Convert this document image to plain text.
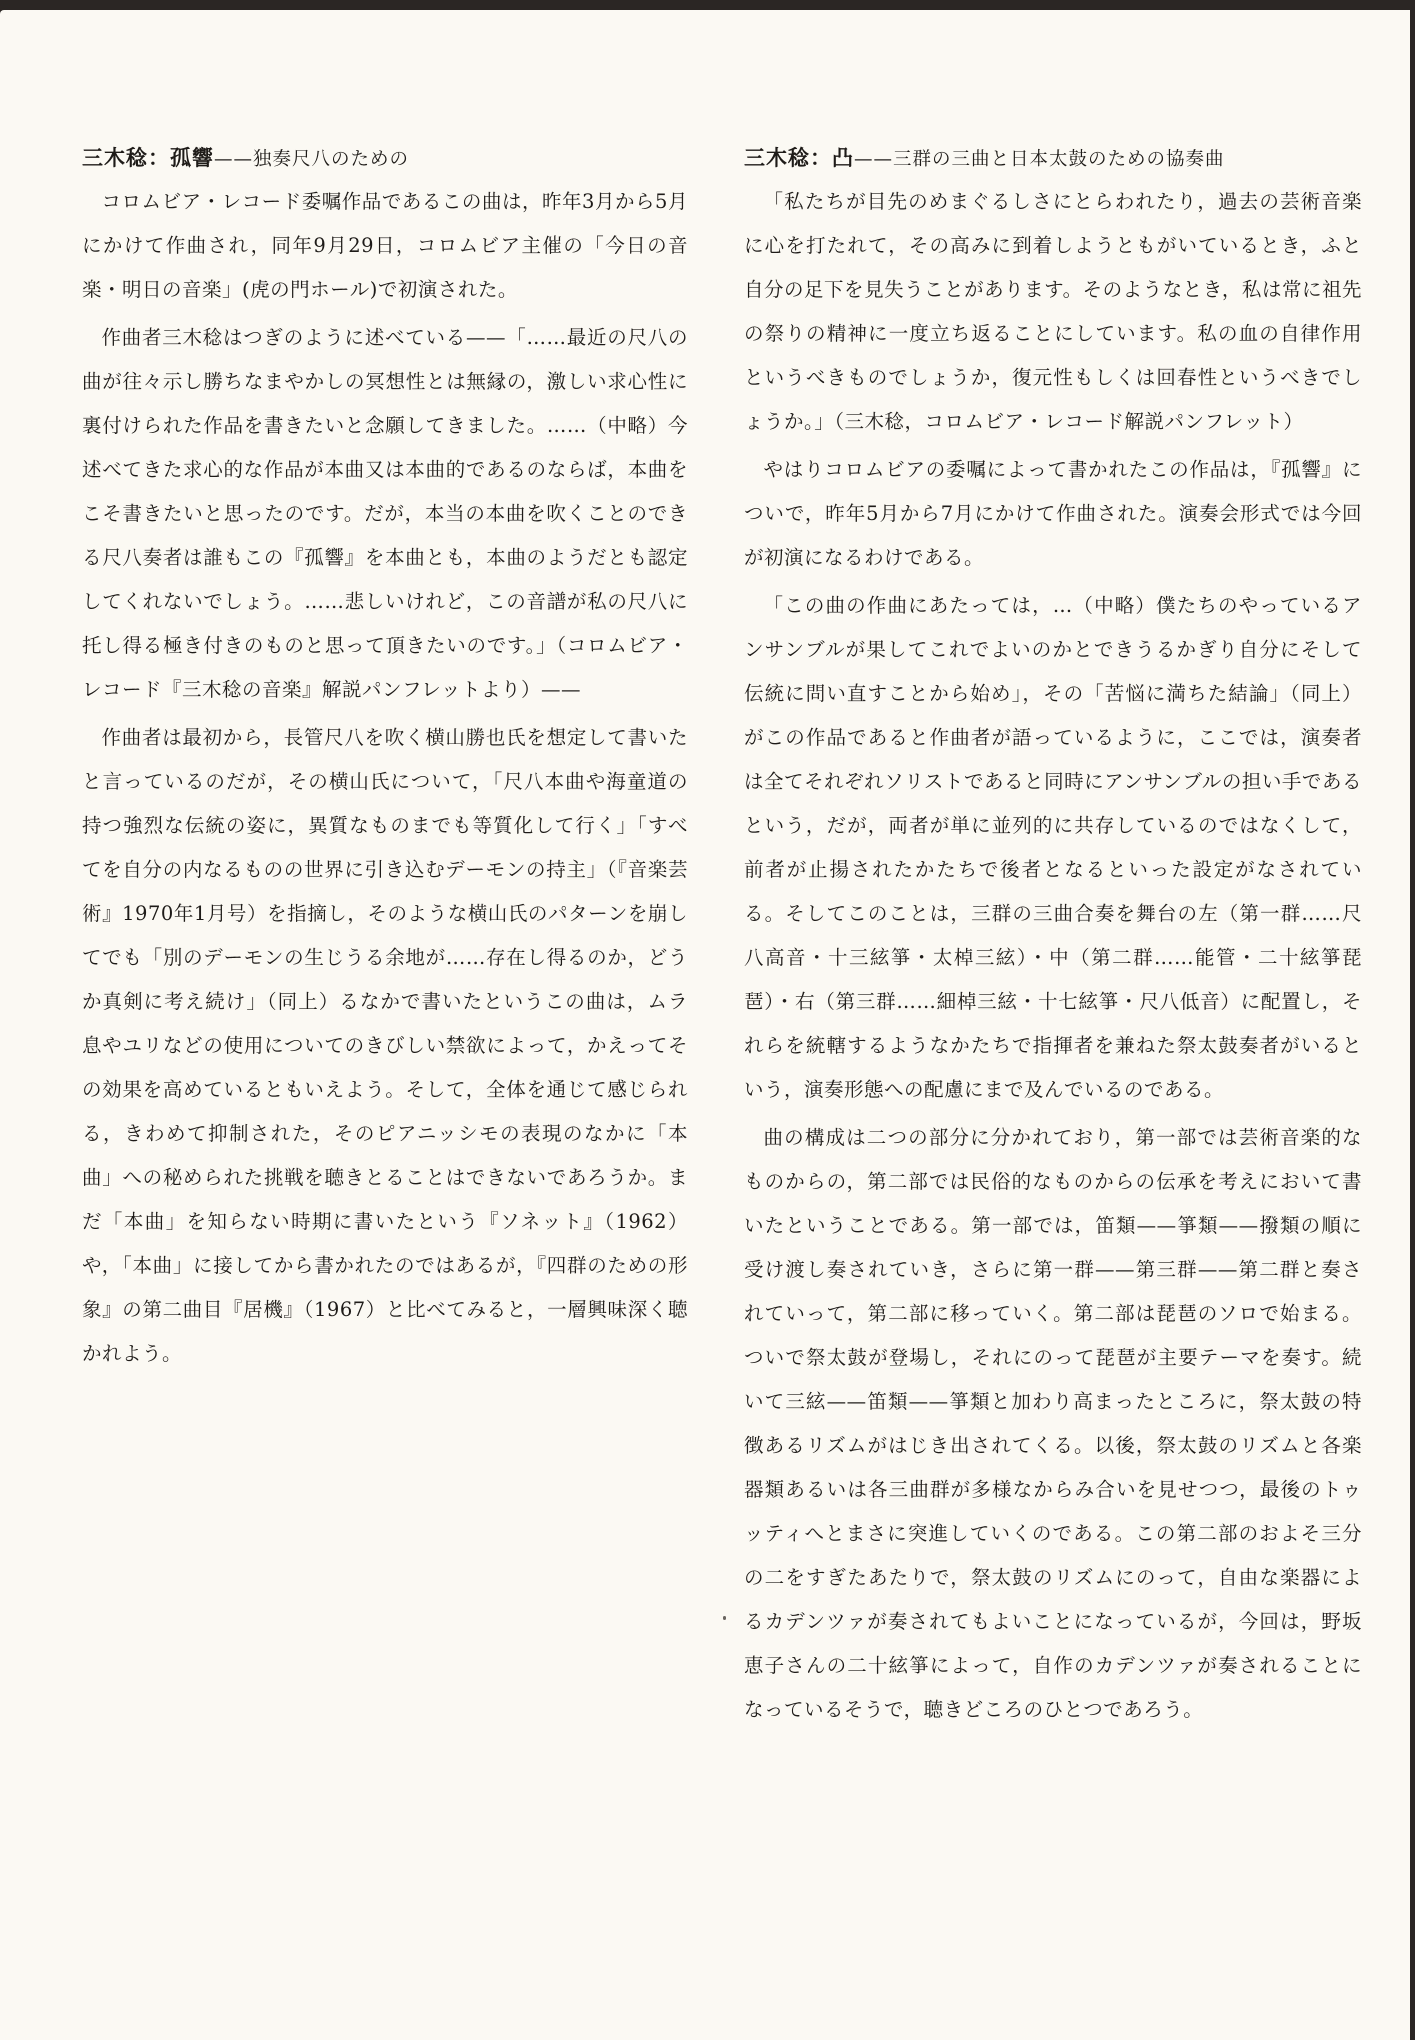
三木稔：孤響——独奏尺八のための

コロムビア・レコード委嘱作品であるこの曲は，昨年3月から5月にかけて作曲され，同年9月29日，コロムビア主催の「今日の音楽・明日の音楽」(虎の門ホール)で初演された。

作曲者三木稔はつぎのように述べている——「……最近の尺八の曲が往々示し勝ちなまやかしの冥想性とは無縁の，激しい求心性に裏付けられた作品を書きたいと念願してきました。……（中略）今述べてきた求心的な作品が本曲又は本曲的であるのならば，本曲をこそ書きたいと思ったのです。だが，本当の本曲を吹くことのできる尺八奏者は誰もこの『孤響』を本曲とも，本曲のようだとも認定してくれないでしょう。……悲しいけれど，この音譜が私の尺八に托し得る極き付きのものと思って頂きたいのです。」（コロムビア・レコード『三木稔の音楽』解説パンフレットより）——

作曲者は最初から，長管尺八を吹く横山勝也氏を想定して書いたと言っているのだが，その横山氏について，「尺八本曲や海童道の持つ強烈な伝統の姿に，異質なものまでも等質化して行く」「すべてを自分の内なるものの世界に引き込むデーモンの持主」（『音楽芸術』1970年1月号）を指摘し，そのような横山氏のパターンを崩してでも「別のデーモンの生じうる余地が……存在し得るのか，どうか真剣に考え続け」（同上）るなかで書いたというこの曲は，ムラ息やユリなどの使用についてのきびしい禁欲によって，かえってその効果を高めているともいえよう。そして，全体を通じて感じられる，きわめて抑制された，そのピアニッシモの表現のなかに「本曲」への秘められた挑戦を聴きとることはできないであろうか。まだ「本曲」を知らない時期に書いたという『ソネット』（1962）や，「本曲」に接してから書かれたのではあるが，『四群のための形象』の第二曲目『居機』（1967）と比べてみると，一層興味深く聴かれよう。

三木稔：凸——三群の三曲と日本太鼓のための協奏曲

「私たちが目先のめまぐるしさにとらわれたり，過去の芸術音楽に心を打たれて，その高みに到着しようともがいているとき，ふと自分の足下を見失うことがあります。そのようなとき，私は常に祖先の祭りの精神に一度立ち返ることにしています。私の血の自律作用というべきものでしょうか，復元性もしくは回春性というべきでしょうか。」（三木稔，コロムビア・レコード解説パンフレット）

やはりコロムビアの委嘱によって書かれたこの作品は，『孤響』についで，昨年5月から7月にかけて作曲された。演奏会形式では今回が初演になるわけである。

「この曲の作曲にあたっては，…（中略）僕たちのやっているアンサンブルが果してこれでよいのかとできうるかぎり自分にそして伝統に問い直すことから始め」，その「苦悩に満ちた結論」（同上）がこの作品であると作曲者が語っているように，ここでは，演奏者は全てそれぞれソリストであると同時にアンサンブルの担い手であるという，だが，両者が単に並列的に共存しているのではなくして，前者が止揚されたかたちで後者となるといった設定がなされている。そしてこのことは，三群の三曲合奏を舞台の左（第一群……尺八高音・十三絃箏・太棹三絃）・中（第二群……能管・二十絃箏琵琶）・右（第三群……細棹三絃・十七絃箏・尺八低音）に配置し，それらを統轄するようなかたちで指揮者を兼ねた祭太鼓奏者がいるという，演奏形態への配慮にまで及んでいるのである。

曲の構成は二つの部分に分かれており，第一部では芸術音楽的なものからの，第二部では民俗的なものからの伝承を考えにおいて書いたということである。第一部では，笛類——箏類——撥類の順に受け渡し奏されていき，さらに第一群——第三群——第二群と奏されていって，第二部に移っていく。第二部は琵琶のソロで始まる。ついで祭太鼓が登場し，それにのって琵琶が主要テーマを奏す。続いて三絃——笛類——箏類と加わり高まったところに，祭太鼓の特徴あるリズムがはじき出されてくる。以後，祭太鼓のリズムと各楽器類あるいは各三曲群が多様なからみ合いを見せつつ，最後のトゥッティへとまさに突進していくのである。この第二部のおよそ三分の二をすぎたあたりで，祭太鼓のリズムにのって，自由な楽器によるカデンツァが奏されてもよいことになっているが，今回は，野坂恵子さんの二十絃箏によって，自作のカデンツァが奏されることになっているそうで，聴きどころのひとつであろう。
